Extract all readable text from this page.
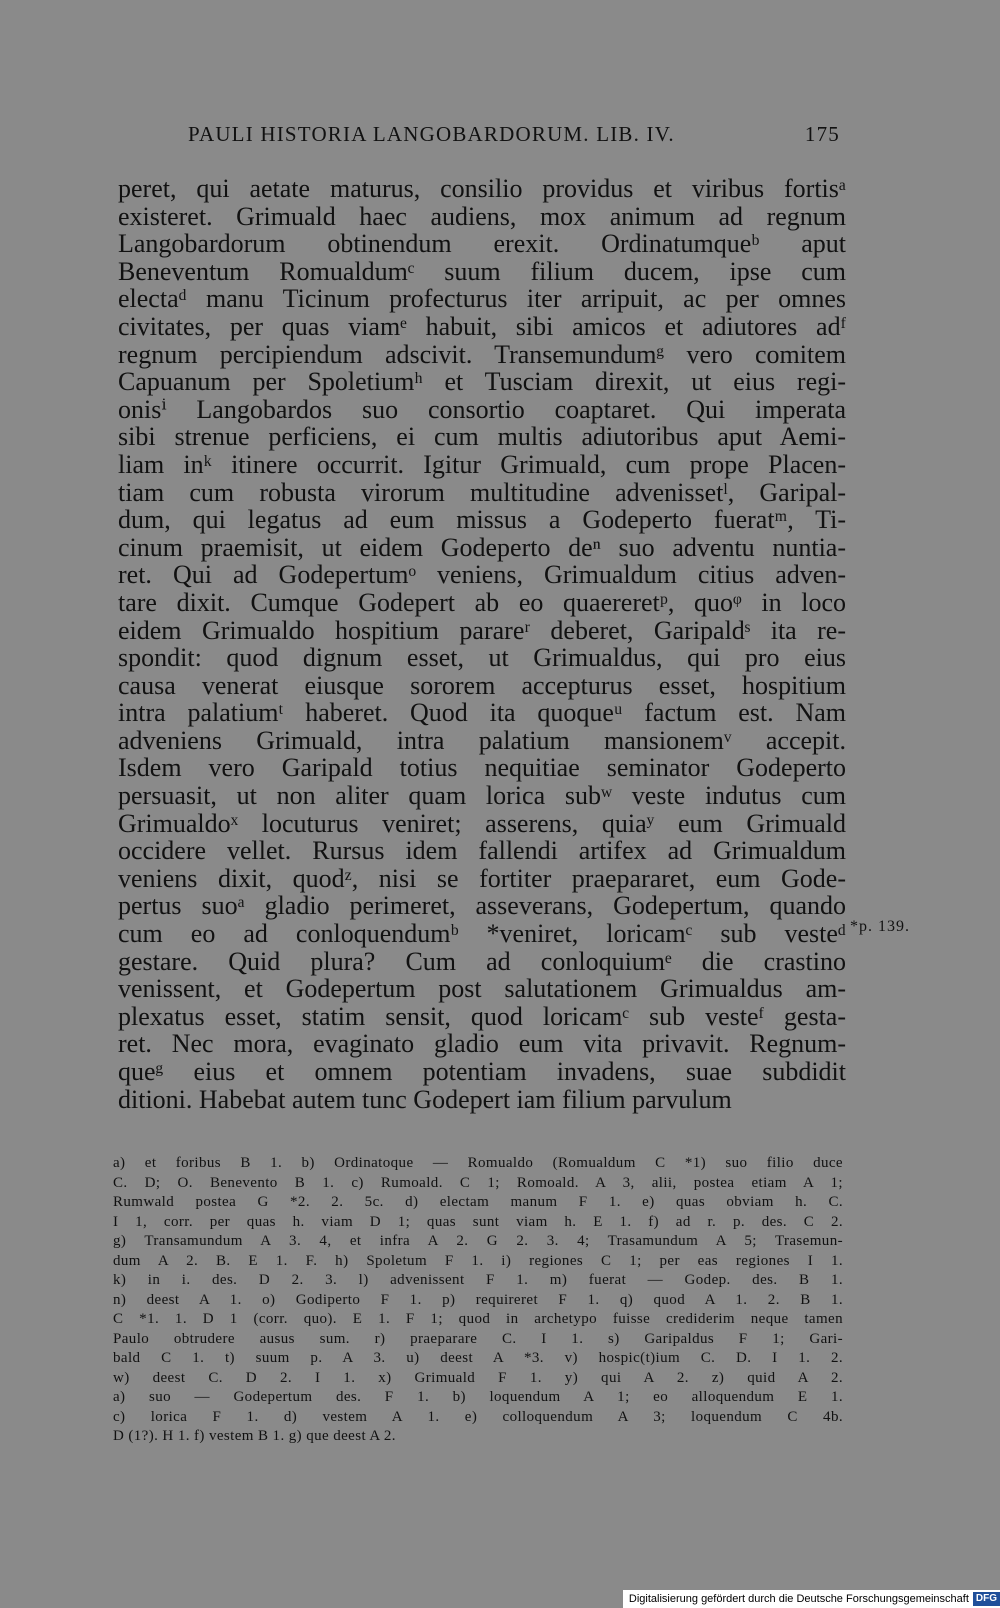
PAULI HISTORIA LANGOBARDORUM. LIB. IV.	175
peret, qui aetate maturus, consilio providus et viribus fortisᵃ
existeret. Grimuald haec audiens, mox animum ad regnum
Langobardorum obtinendum erexit. Ordinatumqueᵇ aput
Beneventum Romualdumᶜ suum filium ducem, ipse cum
electaᵈ manu Ticinum profecturus iter arripuit, ac per omnes
civitates, per quas viamᵉ habuit, sibi amicos et adiutores adᶠ
regnum percipiendum adscivit. Transemundumᵍ vero comitem
Capuanum per Spoletiumʰ et Tusciam direxit, ut eius regi-
onisⁱ Langobardos suo consortio coaptaret. Qui imperata
sibi strenue perficiens, ei cum multis adiutoribus aput Aemi-
liam inᵏ itinere occurrit. Igitur Grimuald, cum prope Placen-
tiam cum robusta virorum multitudine advenissetˡ, Garipal-
dum, qui legatus ad eum missus a Godeperto fueratᵐ, Ti-
cinum praemisit, ut eidem Godeperto deⁿ suo adventu nuntia-
ret. Qui ad Godepertumᵒ veniens, Grimualdum citius adven-
tare dixit. Cumque Godepert ab eo quaereretᵖ, quoᵠ in loco
eidem Grimualdo hospitium parareʳ deberet, Garipaldˢ ita re-
spondit: quod dignum esset, ut Grimualdus, qui pro eius
causa venerat eiusque sororem accepturus esset, hospitium
intra palatiumᵗ haberet. Quod ita quoqueᵘ factum est. Nam
adveniens Grimuald, intra palatium mansionemᵛ accepit.
Isdem vero Garipald totius nequitiae seminator Godeperto
persuasit, ut non aliter quam lorica subʷ veste indutus cum
Grimualdoˣ locuturus veniret; asserens, quiaʸ eum Grimuald
occidere vellet. Rursus idem fallendi artifex ad Grimualdum
veniens dixit, quodᶻ, nisi se fortiter praepararet, eum Gode-
pertus suoᵃ gladio perimeret, asseverans, Godepertum, quando
cum eo ad conloquendumᵇ *veniret, loricamᶜ sub vesteᵈ
gestare. Quid plura? Cum ad conloquiumᵉ die crastino
venissent, et Godepertum post salutationem Grimualdus am-
plexatus esset, statim sensit, quod loricamᶜ sub vesteᶠ gesta-
ret. Nec mora, evaginato gladio eum vita privavit. Regnum-
queᵍ eius et omnem potentiam invadens, suae subdidit
ditioni. Habebat autem tunc Godepert iam filium parvulum
*p. 139.
a) et foribus B 1. b) Ordinatoque — Romualdo (Romualdum C *1) suo filio duce
C. D; O. Benevento B 1. c) Rumoald. C 1; Romoald. A 3, alii, postea etiam A 1;
Rumwald postea G *2. 2. 5c. d) electam manum F 1. e) quas obviam h. C.
I 1, corr. per quas h. viam D 1; quas sunt viam h. E 1. f) ad r. p. des. C 2.
g) Transamundum A 3. 4, et infra A 2. G 2. 3. 4; Trasamundum A 5; Trasemun-
dum A 2. B. E 1. F. h) Spoletum F 1. i) regiones C 1; per eas regiones I 1.
k) in i. des. D 2. 3. l) advenissent F 1. m) fuerat — Godep. des. B 1.
n) deest A 1. o) Godiperto F 1. p) requireret F 1. q) quod A 1. 2. B 1.
C *1. 1. D 1 (corr. quo). E 1. F 1; quod in archetypo fuisse crediderim neque tamen
Paulo obtrudere ausus sum. r) praeparare C. I 1. s) Garipaldus F 1; Gari-
bald C 1. t) suum p. A 3. u) deest A *3. v) hospic(t)ium C. D. I 1. 2.
w) deest C. D 2. I 1. x) Grimuald F 1. y) qui A 2. z) quid A 2.
a) suo — Godepertum des. F 1. b) loquendum A 1; eo alloquendum E 1.
c) lorica F 1. d) vestem A 1. e) colloquendum A 3; loquendum C 4b.
D (1?). H 1. f) vestem B 1. g) que deest A 2.
Digitalisierung gefördert durch die Deutsche Forschungsgemeinschaft DFG
